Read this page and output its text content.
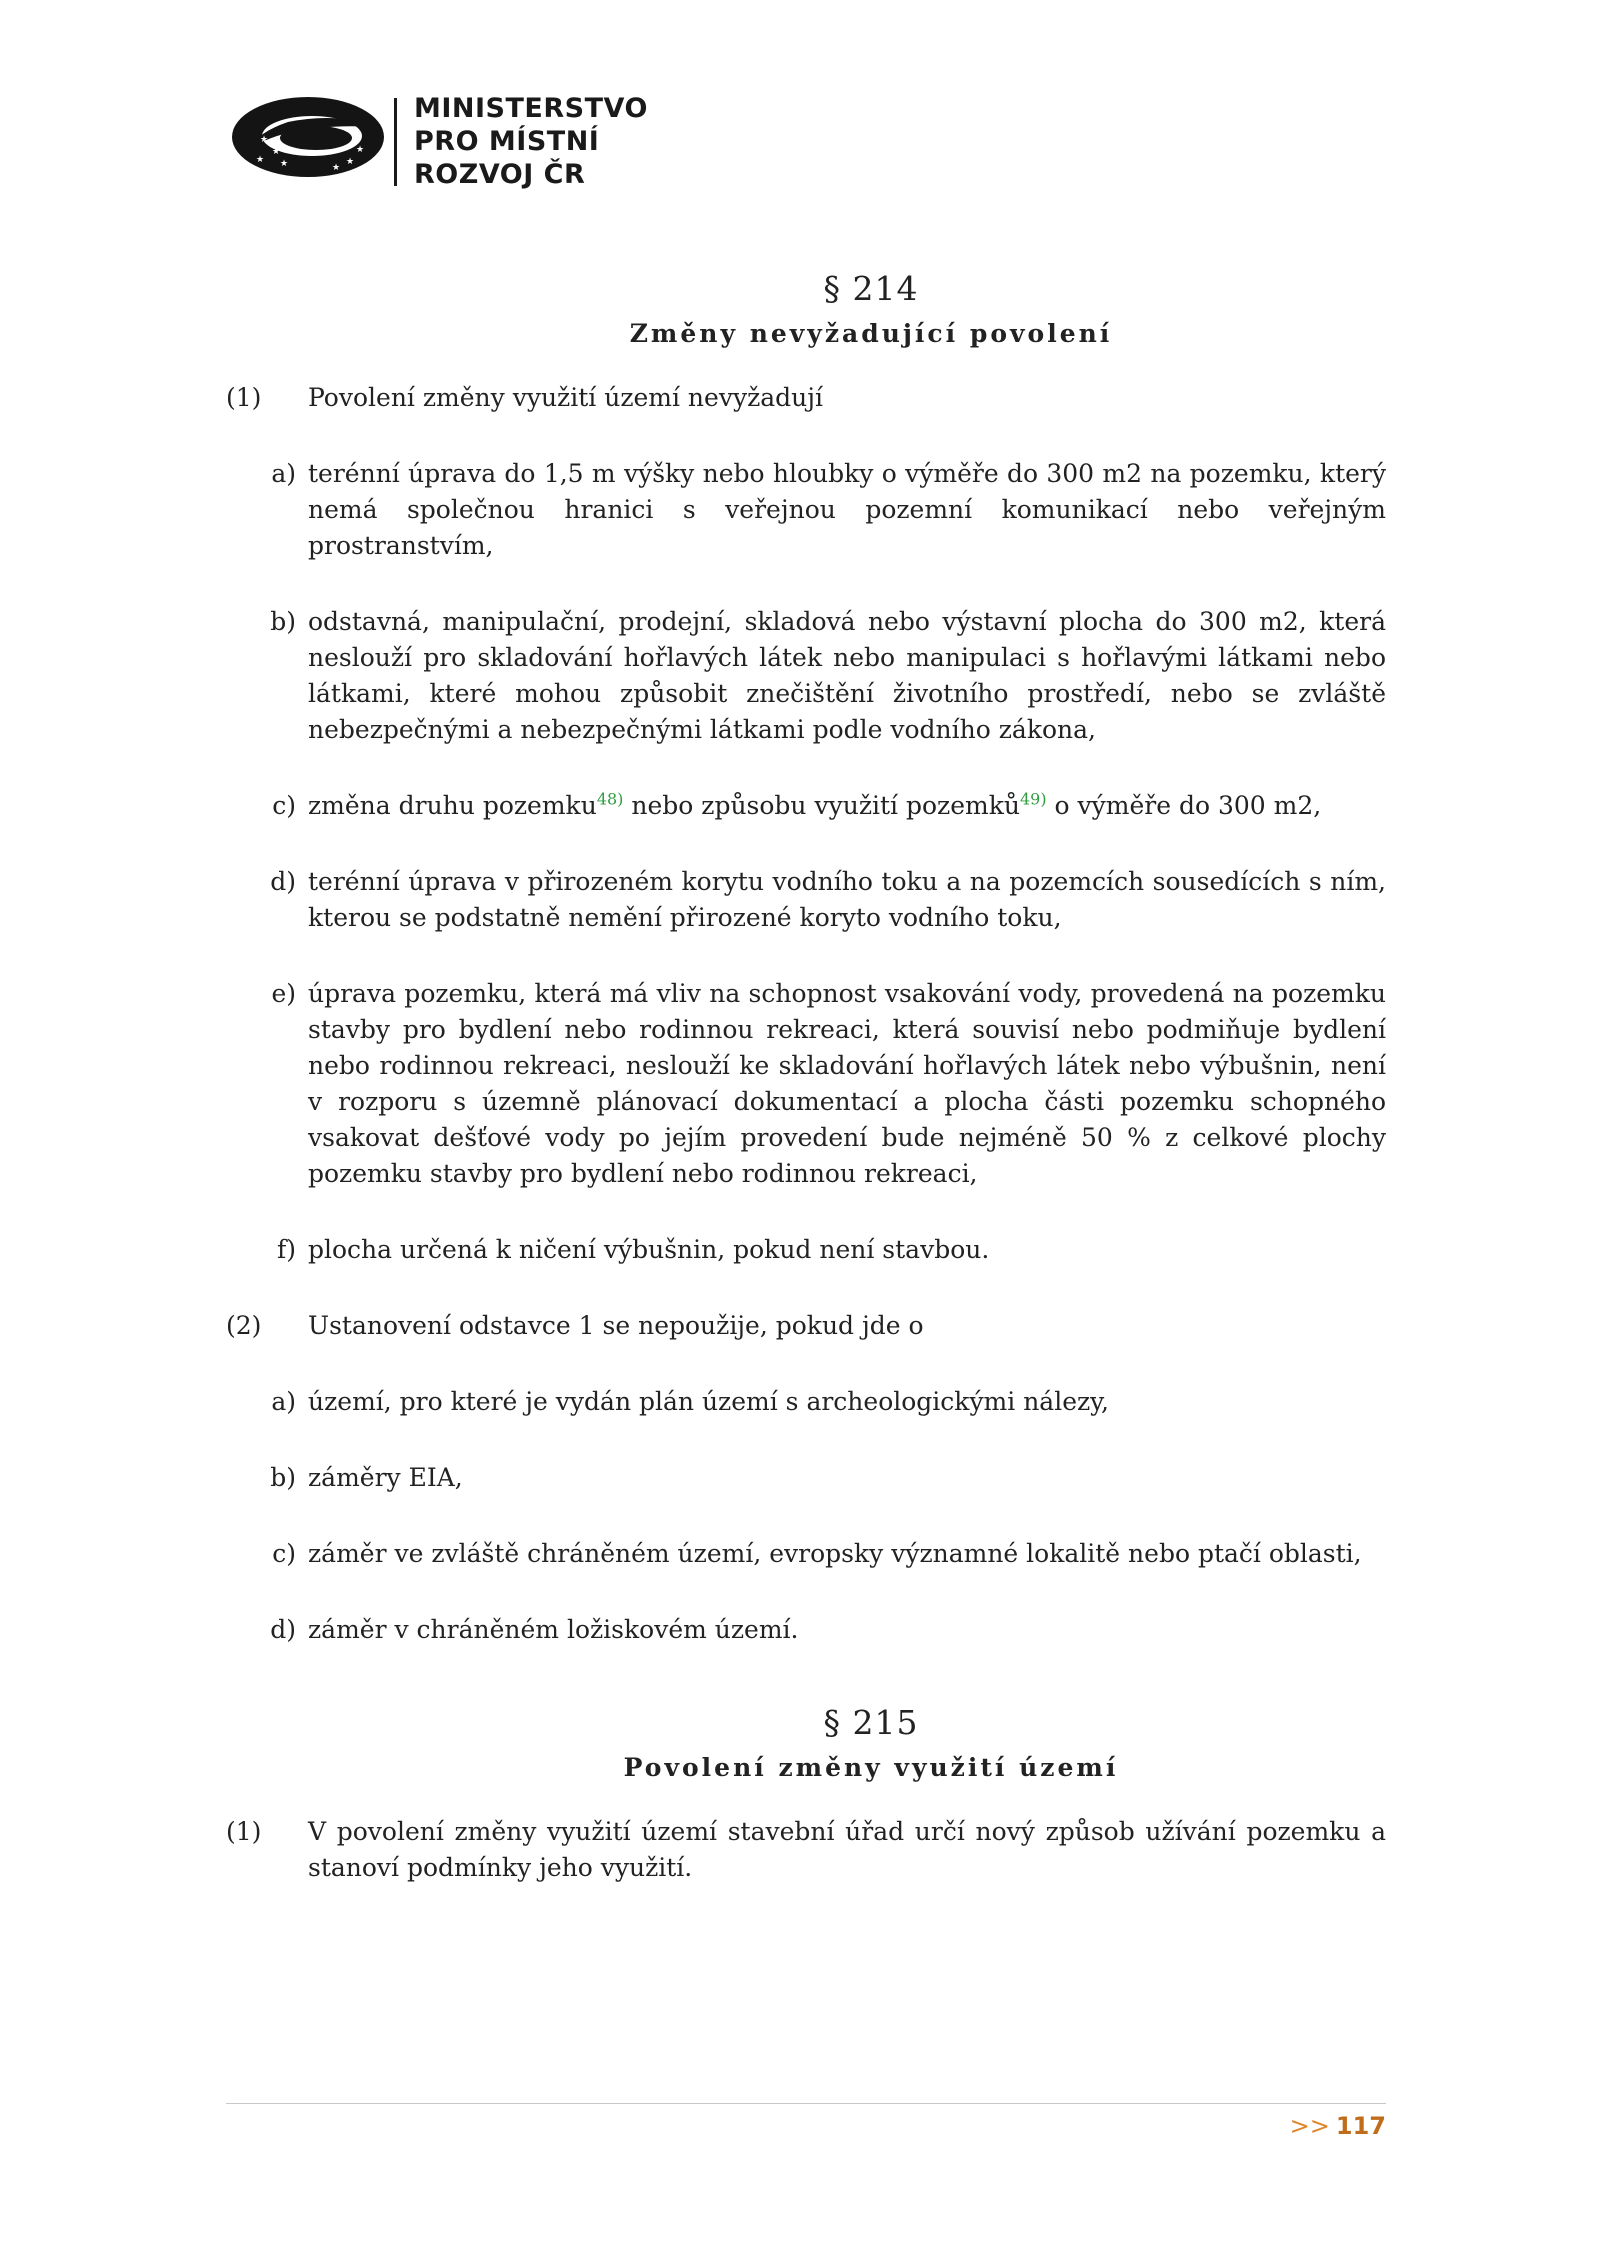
★
★
★ ★	★
★
★
MINISTERSTVO
PRO MÍSTNÍ
ROZVOJ ČR
§ 214
Změny nevyžadující povolení
(1) Povolení změny využití území nevyžadují
a) terénní úprava do 1,5 m výšky nebo hloubky o výměře do 300 m2 na pozemku, který nemá společnou hranici s veřejnou pozemní komunikací nebo veřejným prostranstvím,
b) odstavná, manipulační, prodejní, skladová nebo výstavní plocha do 300 m2, která neslouží pro skladování hořlavých látek nebo manipulaci s hořlavými látkami nebo látkami, které mohou způsobit znečištění životního prostředí, nebo se zvláště nebezpečnými a nebezpečnými látkami podle vodního zákona,
c) změna druhu pozemku$^{48)}$ nebo způsobu využití pozemků$^{49)}$ o výměře do 300 m2,
d) terénní úprava v přirozeném korytu vodního toku a na pozemcích sousedících s ním, kterou se podstatně nemění přirozené koryto vodního toku,
e) úprava pozemku, která má vliv na schopnost vsakování vody, provedená na pozemku stavby pro bydlení nebo rodinnou rekreaci, která souvisí nebo podmiňuje bydlení nebo rodinnou rekreaci, neslouží ke skladování hořlavých látek nebo výbušnin, není v rozporu s územně plánovací dokumentací a plocha části pozemku schopného vsakovat dešťové vody po jejím provedení bude nejméně 50 % z celkové plochy pozemku stavby pro bydlení nebo rodinnou rekreaci,
f) plocha určená k ničení výbušnin, pokud není stavbou.
(2) Ustanovení odstavce 1 se nepoužije, pokud jde o
a) území, pro které je vydán plán území s archeologickými nálezy,
b) záměry EIA,
c) záměr ve zvláště chráněném území, evropsky významné lokalitě nebo ptačí oblasti,
d) záměr v chráněném ložiskovém území.
§ 215
Povolení změny využití území
(1) V povolení změny využití území stavební úřad určí nový způsob užívání pozemku a stanoví podmínky jeho využití.
>> 117
